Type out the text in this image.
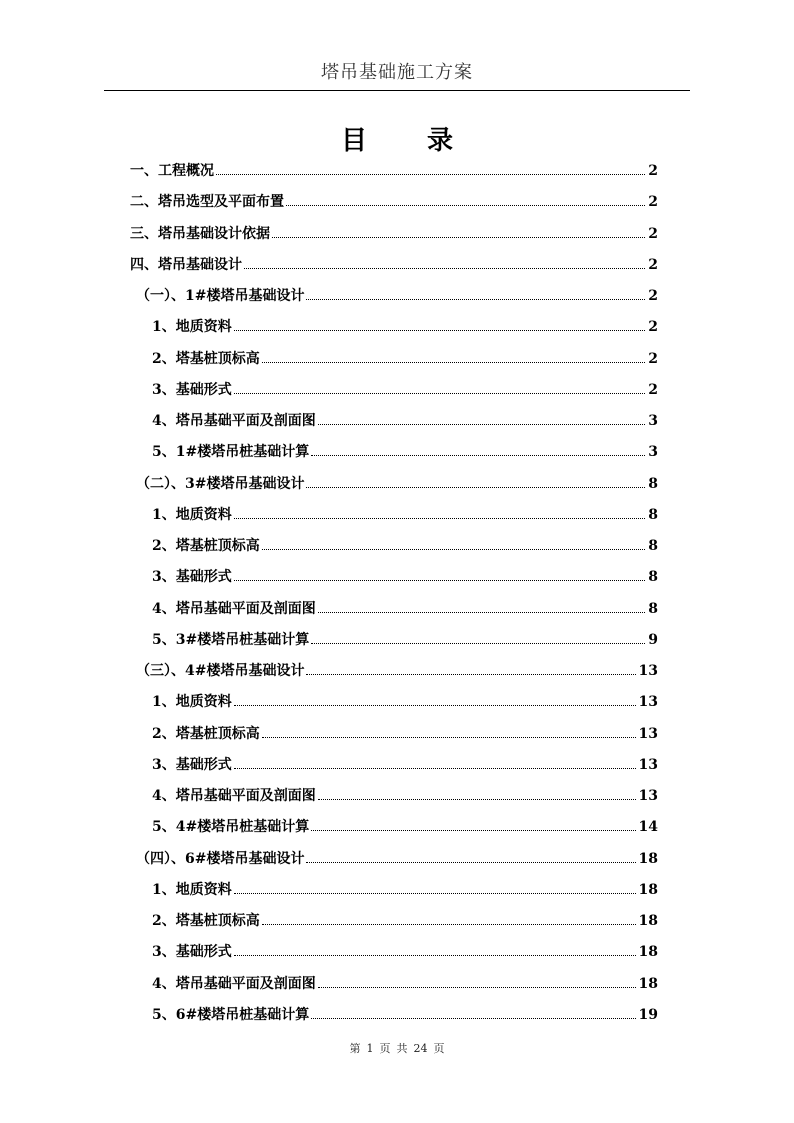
塔吊基础施工方案
目录
一、工程概况	2
二、塔吊选型及平面布置	2
三、塔吊基础设计依据	2
四、塔吊基础设计	2
（一）、1#楼塔吊基础设计	2
1、地质资料	2
2、塔基桩顶标高	2
3、基础形式	2
4、塔吊基础平面及剖面图	3
5、1#楼塔吊桩基础计算	3
（二）、3#楼塔吊基础设计	8
1、地质资料	8
2、塔基桩顶标高	8
3、基础形式	8
4、塔吊基础平面及剖面图	8
5、3#楼塔吊桩基础计算	9
（三）、4#楼塔吊基础设计	13
1、地质资料	13
2、塔基桩顶标高	13
3、基础形式	13
4、塔吊基础平面及剖面图	13
5、4#楼塔吊桩基础计算	14
（四）、6#楼塔吊基础设计	18
1、地质资料	18
2、塔基桩顶标高	18
3、基础形式	18
4、塔吊基础平面及剖面图	18
5、6#楼塔吊桩基础计算	19
第 1 页 共 24 页
